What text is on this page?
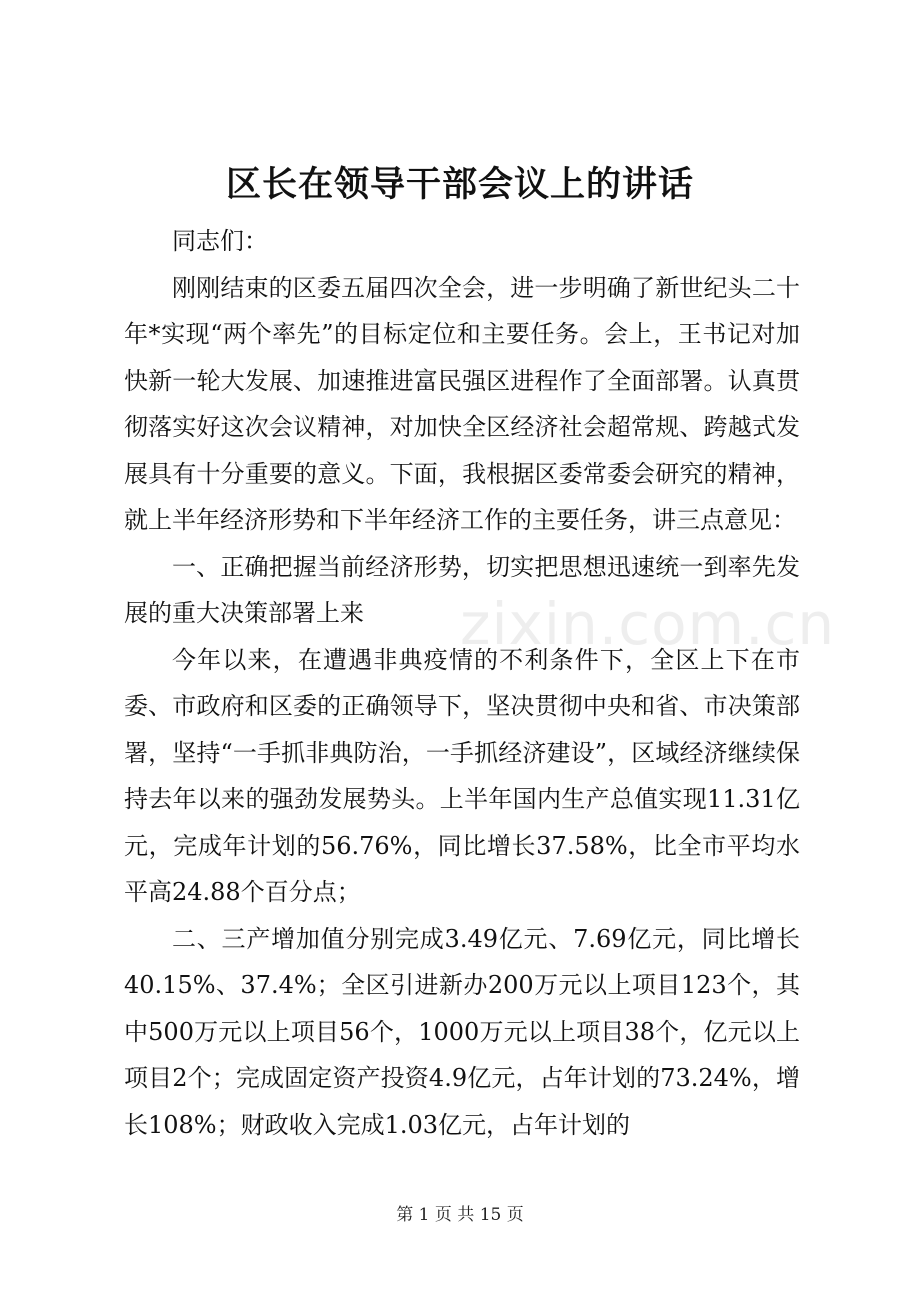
区长在领导干部会议上的讲话
zixin.com.cn

同志们：

刚刚结束的区委五届四次全会，进一步明确了新世纪头二十年*实现“两个率先”的目标定位和主要任务。会上，王书记对加快新一轮大发展、加速推进富民强区进程作了全面部署。认真贯彻落实好这次会议精神，对加快全区经济社会超常规、跨越式发展具有十分重要的意义。下面，我根据区委常委会研究的精神，就上半年经济形势和下半年经济工作的主要任务，讲三点意见：

一、正确把握当前经济形势，切实把思想迅速统一到率先发展的重大决策部署上来

今年以来，在遭遇非典疫情的不利条件下，全区上下在市委、市政府和区委的正确领导下，坚决贯彻中央和省、市决策部署，坚持“一手抓非典防治，一手抓经济建设”，区域经济继续保持去年以来的强劲发展势头。上半年国内生产总值实现11.31亿元，完成年计划的56.76%，同比增长37.58%，比全市平均水平高24.88个百分点；

二、三产增加值分别完成3.49亿元、7.69亿元，同比增长40.15%、37.4%；全区引进新办200万元以上项目123个，其中500万元以上项目56个，1000万元以上项目38个，亿元以上项目2个；完成固定资产投资4.9亿元，占年计划的73.24%，增长108%；财政收入完成1.03亿元，占年计划的

第 1 页 共 15 页
